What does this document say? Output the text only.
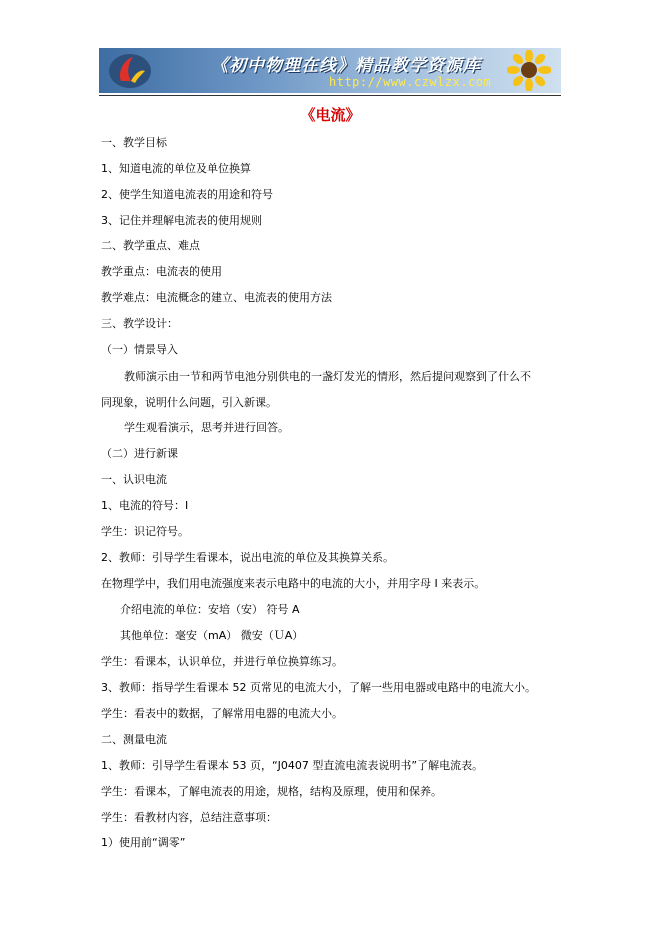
《初中物理在线》精品教学资源库
http://www.czwlzx.com
《电流》
一、教学目标
1、知道电流的单位及单位换算
2、使学生知道电流表的用途和符号
3、记住并理解电流表的使用规则
二、教学重点、难点
教学重点：电流表的使用
教学难点：电流概念的建立、电流表的使用方法
三、教学设计：
（一）情景导入
教师演示由一节和两节电池分别供电的一盏灯发光的情形，然后提问观察到了什么不
同现象，说明什么问题，引入新课。
学生观看演示，思考并进行回答。
（二）进行新课
一、认识电流
1、电流的符号：I
学生：识记符号。
2、教师：引导学生看课本，说出电流的单位及其换算关系。
在物理学中，我们用电流强度来表示电路中的电流的大小，并用字母 I 来表示。
介绍电流的单位：安培（安） 符号 A
其他单位：毫安（mA） 微安（ＵA）
学生：看课本，认识单位，并进行单位换算练习。
3、教师：指导学生看课本 52 页常见的电流大小，了解一些用电器或电路中的电流大小。
学生：看表中的数据，了解常用电器的电流大小。
二、测量电流
1、教师：引导学生看课本 53 页，“J0407 型直流电流表说明书”了解电流表。
学生：看课本，了解电流表的用途，规格，结构及原理，使用和保养。
学生：看教材内容，总结注意事项：
1）使用前“调零”
